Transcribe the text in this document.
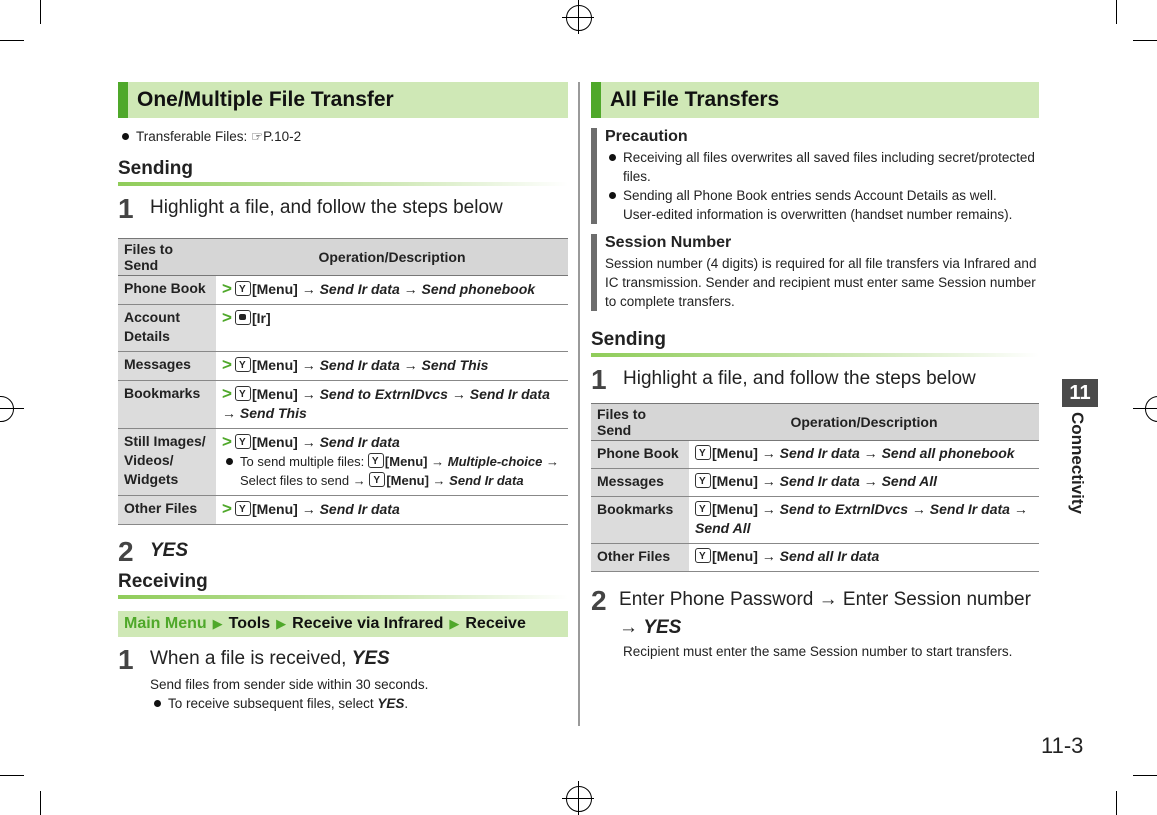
One/Multiple File Transfer
Transferable Files: ☞P.10-2
Sending
1 Highlight a file, and follow the steps below
Files to Send	Operation/Description
Phone Book	> Y [Menu] → Send Ir data → Send phonebook
Account Details	> [Ir]
Messages	> Y [Menu] → Send Ir data → Send This
Bookmarks	> Y [Menu] → Send to ExtrnlDvcs → Send Ir data → Send This
Still Images/ Videos/ Widgets	> Y [Menu] → Send Ir data
To send multiple files: Y[Menu] → Multiple-choice → Select files to send → Y[Menu] → Send Ir data

Other Files	> Y [Menu] → Send Ir data
2 YES
Receiving
Main Menu ▶ Tools ▶ Receive via Infrared ▶ Receive
1 When a file is received, YES
Send files from sender side within 30 seconds.
To receive subsequent files, select YES.
All File Transfers
Precaution
Receiving all files overwrites all saved files including secret/protected files.
Sending all Phone Book entries sends Account Details as well.
User-edited information is overwritten (handset number remains).
Session Number
Session number (4 digits) is required for all file transfers via Infrared and IC transmission. Sender and recipient must enter same Session number to complete transfers.
Sending
1 Highlight a file, and follow the steps below
Files to Send	Operation/Description
Phone Book	Y[Menu] → Send Ir data → Send all phonebook
Messages	Y[Menu] → Send Ir data → Send All
Bookmarks	Y[Menu] → Send to ExtrnlDvcs → Send Ir data → Send All
Other Files	Y[Menu] → Send all Ir data
2 Enter Phone Password → Enter Session number → YES
Recipient must enter the same Session number to start transfers.
11
Connectivity
11-3
